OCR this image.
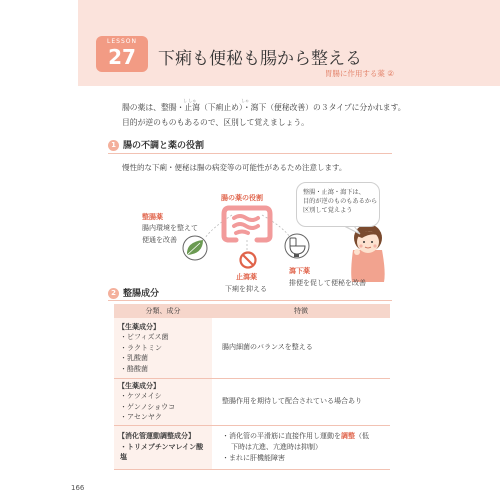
LESSON
27	下痢も便秘も腸から整える
胃腸に作用する薬 ②
し しゃ	しゃ
腸の薬は、整腸・止瀉（下痢止め）・瀉下（便秘改善）の３タイプに分かれます。目的が逆のものもあるので、区別して覚えましょう。
1 腸の不調と薬の役割
慢性的な下痢・便秘は腸の病変等の可能性があるため注意します。
腸の薬の役割
整腸薬
腸内環境を整えて
便通を改善
止瀉薬
下痢を抑える
瀉下薬
排便を促して便秘を改善

整腸・止瀉・瀉下は、

目的が逆のものもあるから

区別して覚えよう

2 整腸成分
分類、成分	特徴

【生薬成分】
・ビフィズス菌
・ラクトミン
・乳酸菌
・酪酸菌	腸内細菌のバランスを整える

【生薬成分】
・ケツメイシ
・ゲンノショウコ
・アセンヤク	整腸作用を期待して配合されている場合あり

【消化管運動調整成分】
・トリメブチンマレイン酸塩	・消化管の平滑筋に直接作用し運動を調整（低
下時は亢進、亢進時は抑制）
・まれに肝機能障害
166
